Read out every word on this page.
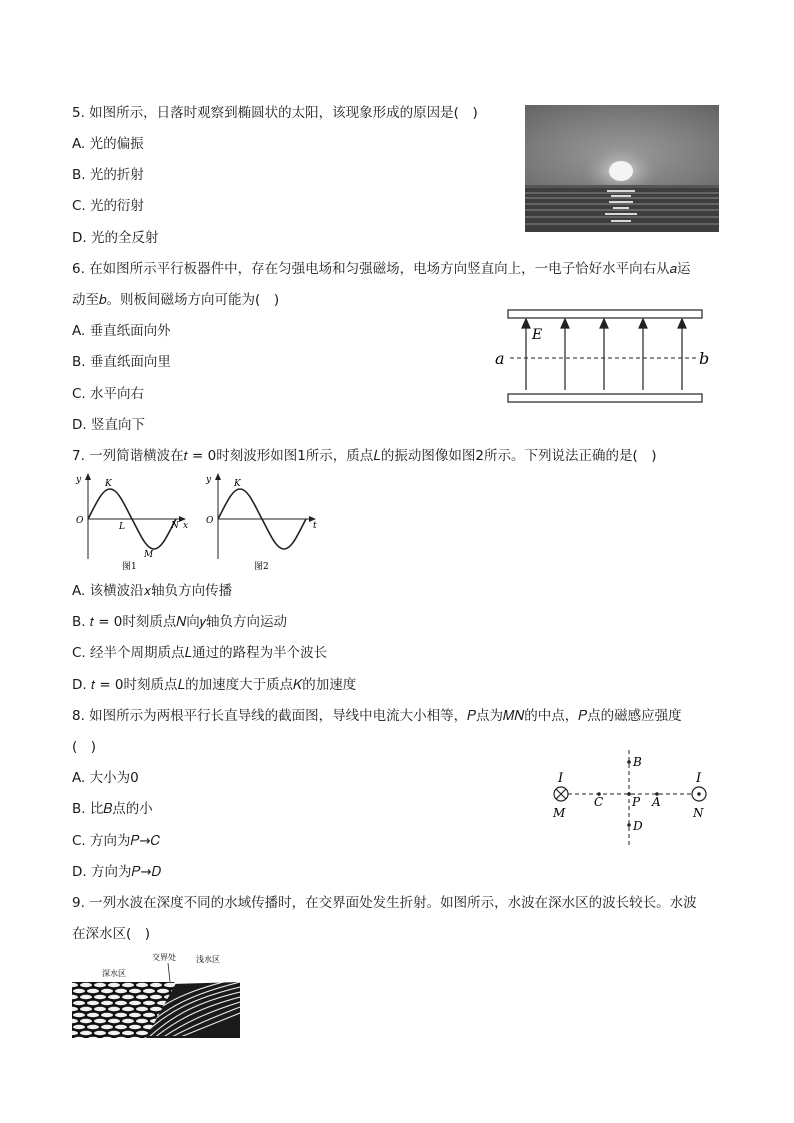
5. 如图所示，日落时观察到椭圆状的太阳，该现象形成的原因是(　)
A. 光的偏振
B. 光的折射
C. 光的衍射
D. 光的全反射
6. 在如图所示平行板器件中，存在匀强电场和匀强磁场，电场方向竖直向上，一电子恰好水平向右从𝑎运
动至𝑏。则板间磁场方向可能为(　)
A. 垂直纸面向外
B. 垂直纸面向里
C. 水平向右
D. 竖直向下
E
a	b
7. 一列简谐横波在𝑡 = 0时刻波形如图1所示，质点𝐿的振动图像如图2所示。下列说法正确的是(　)
y	K
O
L	N x
M
图1
y	K
O	t
图2
A. 该横波沿𝑥轴负方向传播
B. 𝑡 = 0时刻质点𝑁向𝑦轴负方向运动
C. 经半个周期质点𝐿通过的路程为半个波长
D. 𝑡 = 0时刻质点𝐿的加速度大于质点𝐾的加速度
8. 如图所示为两根平行长直导线的截面图，导线中电流大小相等，𝑃点为𝑀𝑁的中点，𝑃点的磁感应强度
(　)
A. 大小为0
B. 比𝐵点的小
C. 方向为𝑃→𝐶
D. 方向为𝑃→𝐷
I	I
M	N
B
C P A
D
9. 一列水波在深度不同的水域传播时，在交界面处发生折射。如图所示，水波在深水区的波长较长。水波
在深水区(　)
深水区
交界处	浅水区
